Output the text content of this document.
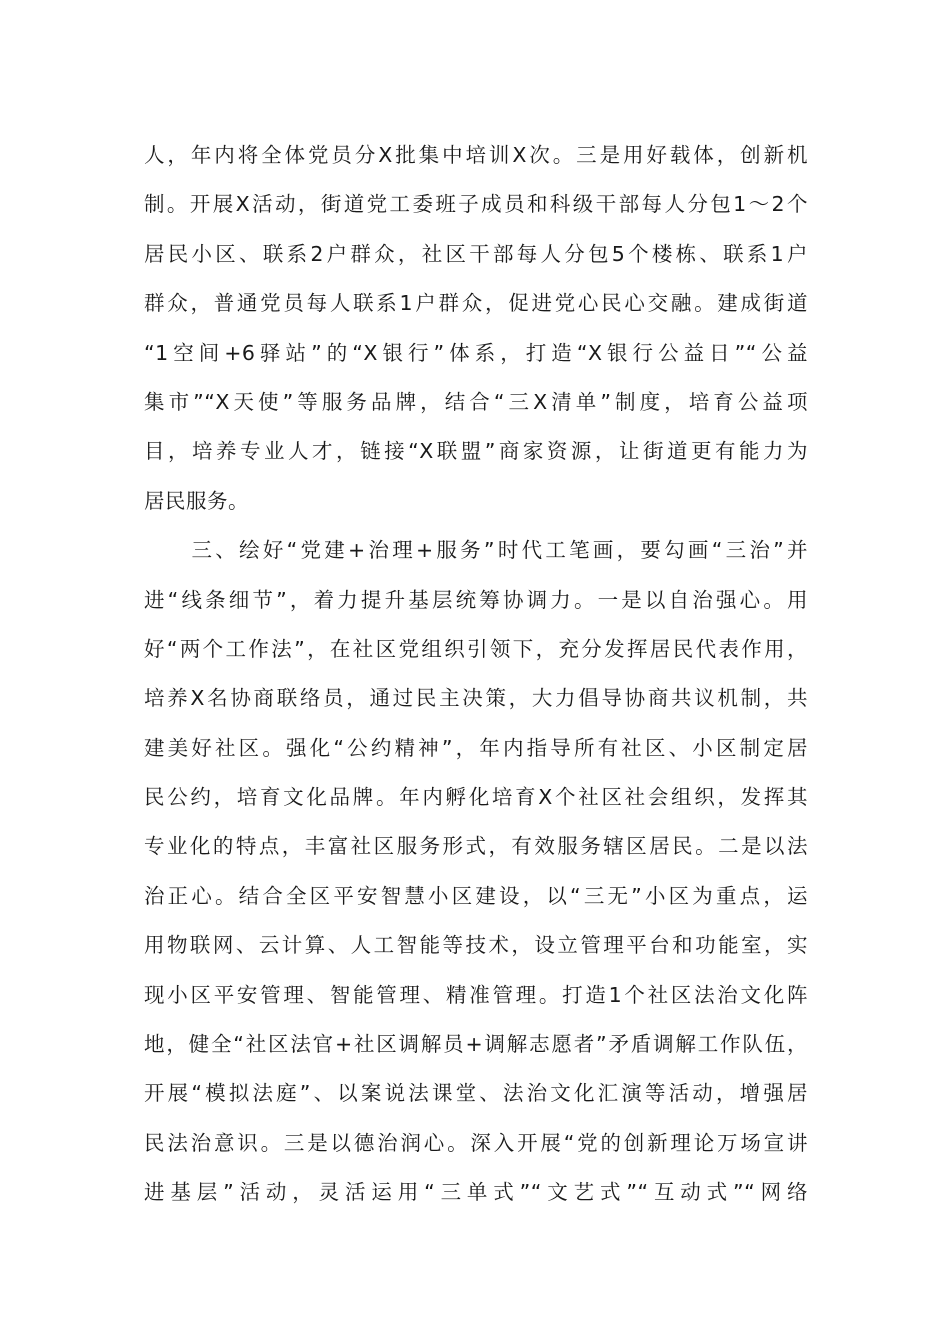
人，年内将全体党员分X批集中培训X次。三是用好载体，创新机
制。开展X活动，街道党工委班子成员和科级干部每人分包1～2个
居民小区、联系2户群众，社区干部每人分包5个楼栋、联系1户
群众，普通党员每人联系1户群众，促进党心民心交融。建成街道
“1空间+6驿站”的“X银行”体系，打造“X银行公益日”“公益
集市”“X天使”等服务品牌，结合“三X清单”制度，培育公益项
目，培养专业人才，链接“X联盟”商家资源，让街道更有能力为
居民服务。
　　三、绘好“党建+治理+服务”时代工笔画，要勾画“三治”并
进“线条细节”，着力提升基层统筹协调力。一是以自治强心。用
好“两个工作法”，在社区党组织引领下，充分发挥居民代表作用，
培养X名协商联络员，通过民主决策，大力倡导协商共议机制，共
建美好社区。强化“公约精神”，年内指导所有社区、小区制定居
民公约，培育文化品牌。年内孵化培育X个社区社会组织，发挥其
专业化的特点，丰富社区服务形式，有效服务辖区居民。二是以法
治正心。结合全区平安智慧小区建设，以“三无”小区为重点，运
用物联网、云计算、人工智能等技术，设立管理平台和功能室，实
现小区平安管理、智能管理、精准管理。打造1个社区法治文化阵
地，健全“社区法官+社区调解员+调解志愿者”矛盾调解工作队伍，
开展“模拟法庭”、以案说法课堂、法治文化汇演等活动，增强居
民法治意识。三是以德治润心。深入开展“党的创新理论万场宣讲
进基层”活动，灵活运用“三单式”“文艺式”“互动式”“网络
